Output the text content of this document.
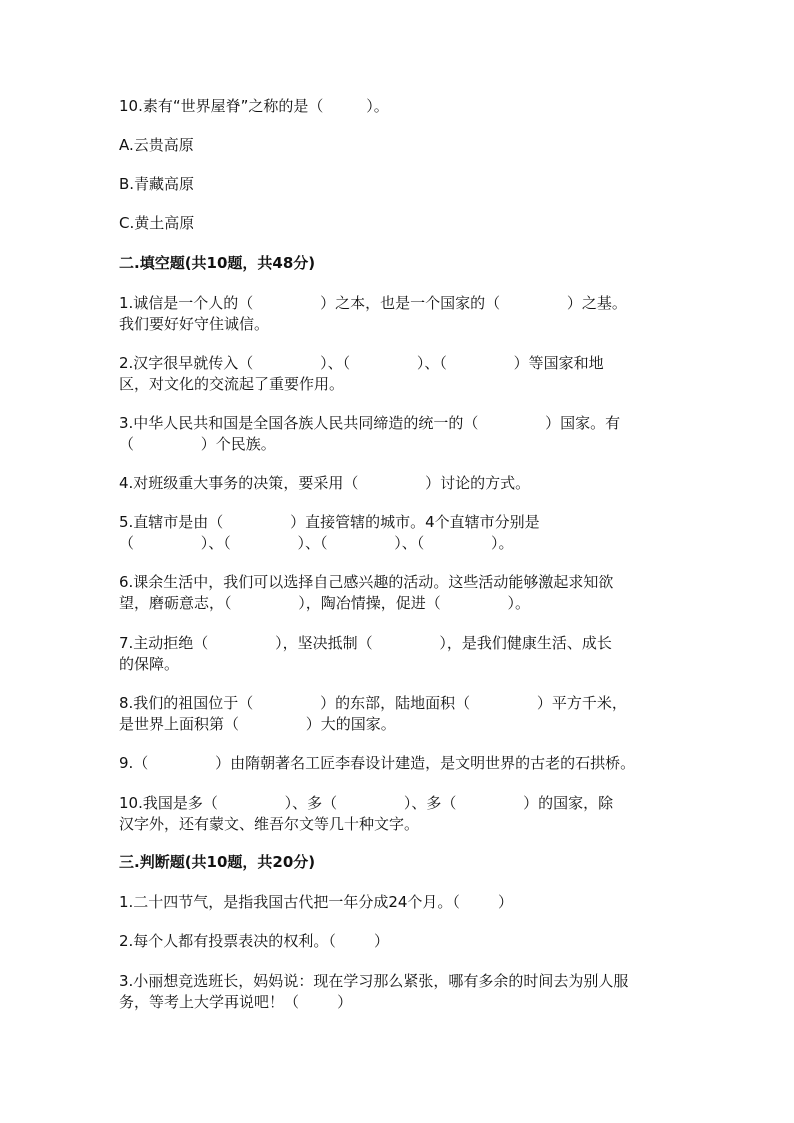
10.素有“世界屋脊”之称的是（         ）。

A.云贵高原

B.青藏高原

C.黄土高原

二.填空题(共10题，共48分)

1.诚信是一个人的（              ）之本，也是一个国家的（              ）之基。
我们要好好守住诚信。

2.汉字很早就传入（              ）、（              ）、（              ）等国家和地
区，对文化的交流起了重要作用。

3.中华人民共和国是全国各族人民共同缔造的统一的（              ）国家。有
（              ）个民族。

4.对班级重大事务的决策，要采用（              ）讨论的方式。

5.直辖市是由（              ）直接管辖的城市。4个直辖市分别是
（              ）、（              ）、（              ）、（              ）。

6.课余生活中，我们可以选择自己感兴趣的活动。这些活动能够激起求知欲
望，磨砺意志，（              ），陶冶情操，促进（              ）。

7.主动拒绝（              ），坚决抵制（              ），是我们健康生活、成长
的保障。

8.我们的祖国位于（              ）的东部，陆地面积（              ）平方千米，
是世界上面积第（              ）大的国家。

9.（              ）由隋朝著名工匠李春设计建造，是文明世界的古老的石拱桥。

10.我国是多（              ）、多（              ）、多（              ）的国家，除
汉字外，还有蒙文、维吾尔文等几十种文字。

三.判断题(共10题，共20分)

1.二十四节气，是指我国古代把一年分成24个月。（        ）

2.每个人都有投票表决的权利。（        ）

3.小丽想竞选班长，妈妈说：现在学习那么紧张，哪有多余的时间去为别人服
务，等考上大学再说吧！（        ）
